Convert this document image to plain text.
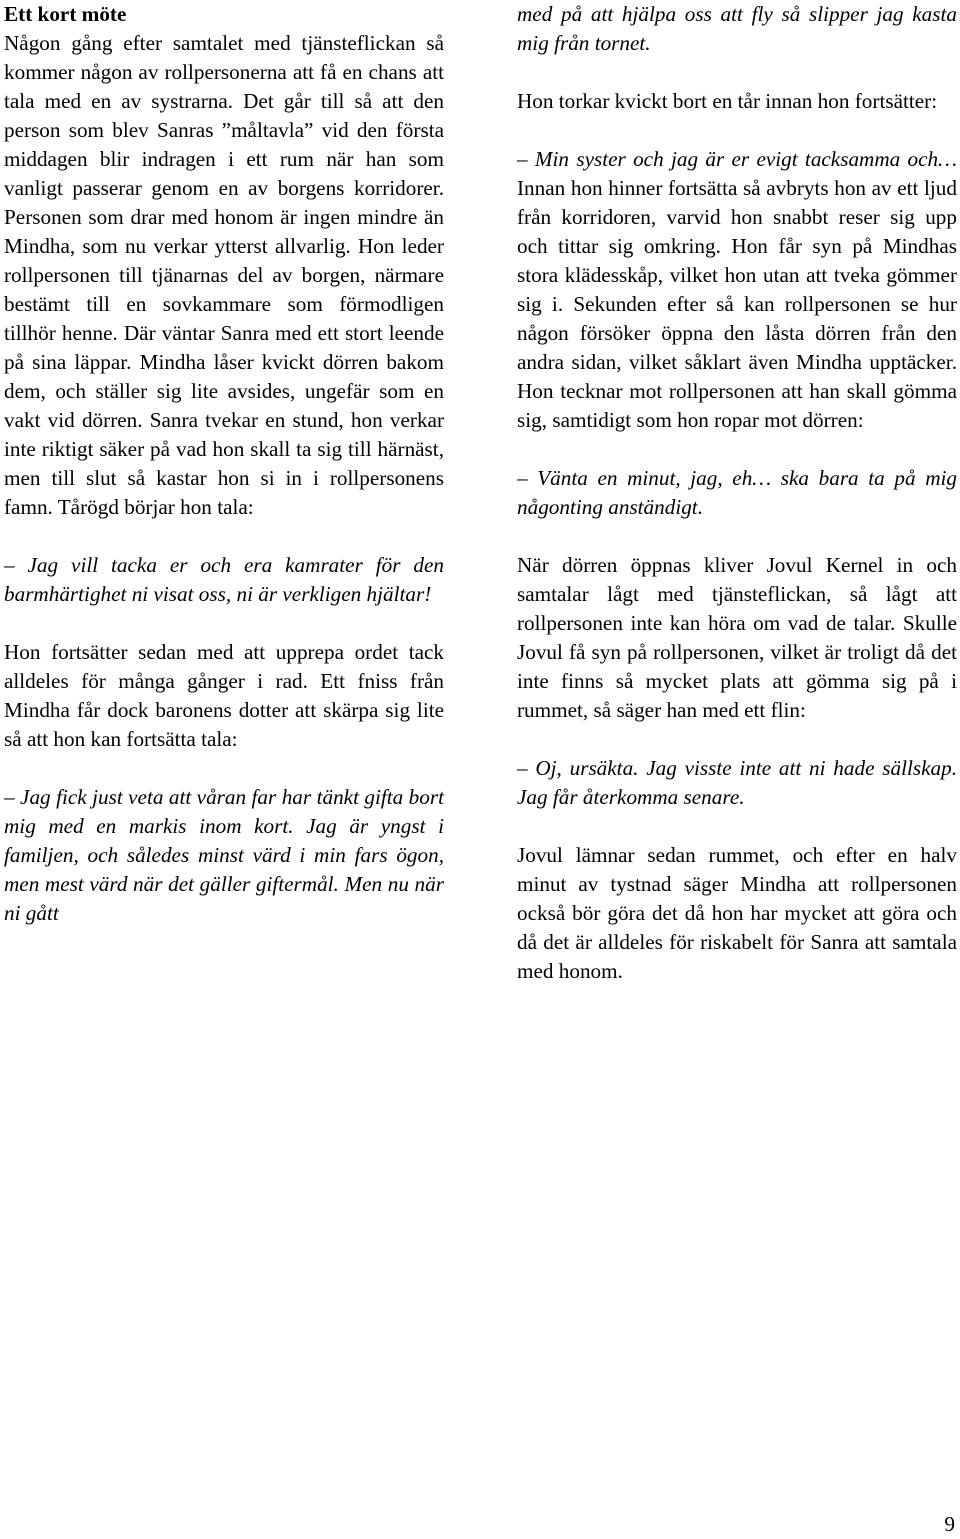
Ett kort möte

Någon gång efter samtalet med tjänsteflickan så kommer någon av rollpersonerna att få en chans att tala med en av systrarna. Det går till så att den person som blev Sanras ”måltavla” vid den första middagen blir indragen i ett rum när han som vanligt passerar genom en av borgens korridorer. Personen som drar med honom är ingen mindre än Mindha, som nu verkar ytterst allvarlig. Hon leder rollpersonen till tjänarnas del av borgen, närmare bestämt till en sovkammare som förmodligen tillhör henne. Där väntar Sanra med ett stort leende på sina läppar. Mindha låser kvickt dörren bakom dem, och ställer sig lite avsides, ungefär som en vakt vid dörren. Sanra tvekar en stund, hon verkar inte riktigt säker på vad hon skall ta sig till härnäst, men till slut så kastar hon si in i rollpersonens famn. Tårögd börjar hon tala:

– Jag vill tacka er och era kamrater för den barmhärtighet ni visat oss, ni är verkligen hjältar!

Hon fortsätter sedan med att upprepa ordet tack alldeles för många gånger i rad. Ett fniss från Mindha får dock baronens dotter att skärpa sig lite så att hon kan fortsätta tala:

– Jag fick just veta att våran far har tänkt gifta bort mig med en markis inom kort. Jag är yngst i familjen, och således minst värd i min fars ögon, men mest värd när det gäller giftermål. Men nu när ni gått

med på att hjälpa oss att fly så slipper jag kasta mig från tornet.

Hon torkar kvickt bort en tår innan hon fortsätter:

– Min syster och jag är er evigt tacksamma och… Innan hon hinner fortsätta så avbryts hon av ett ljud från korridoren, varvid hon snabbt reser sig upp och tittar sig omkring. Hon får syn på Mindhas stora klädesskåp, vilket hon utan att tveka gömmer sig i. Sekunden efter så kan rollpersonen se hur någon försöker öppna den låsta dörren från den andra sidan, vilket såklart även Mindha upptäcker. Hon tecknar mot rollpersonen att han skall gömma sig, samtidigt som hon ropar mot dörren:

– Vänta en minut, jag, eh… ska bara ta på mig någonting anständigt.

När dörren öppnas kliver Jovul Kernel in och samtalar lågt med tjänsteflickan, så lågt att rollpersonen inte kan höra om vad de talar. Skulle Jovul få syn på rollpersonen, vilket är troligt då det inte finns så mycket plats att gömma sig på i rummet, så säger han med ett flin:

– Oj, ursäkta. Jag visste inte att ni hade sällskap. Jag får återkomma senare.

Jovul lämnar sedan rummet, och efter en halv minut av tystnad säger Mindha att rollpersonen också bör göra det då hon har mycket att göra och då det är alldeles för riskabelt för Sanra att samtala med honom.

9
